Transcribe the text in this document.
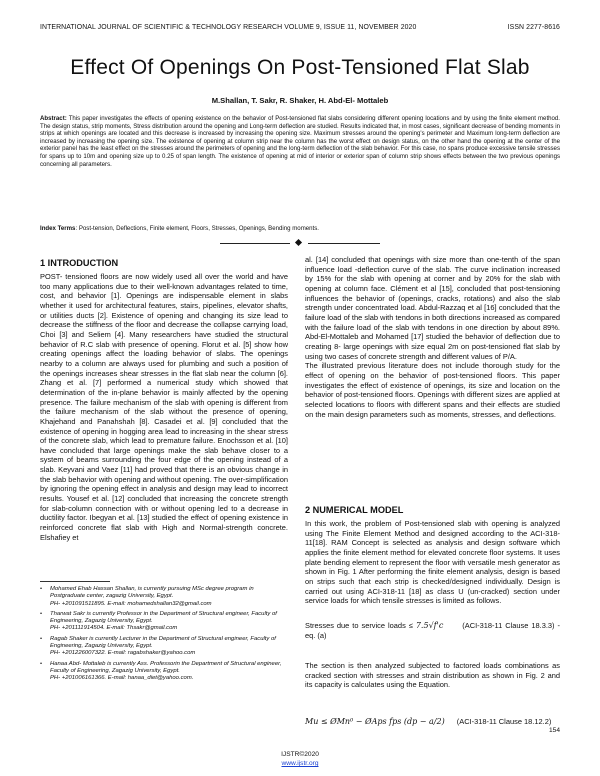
INTERNATIONAL JOURNAL OF SCIENTIFIC & TECHNOLOGY RESEARCH VOLUME 9, ISSUE 11, NOVEMBER 2020	ISSN 2277-8616
Effect Of Openings On Post-Tensioned Flat Slab
M.Shallan, T. Sakr, R. Shaker, H. Abd-El- Mottaleb
Abstract: This paper investigates the effects of opening existence on the behavior of Post-tensioned flat slabs considering different opening locations and by using the finite element method. The design status, strip moments, Stress distribution around the opening and Long-term deflection are studied. Results indicated that, in most cases, significant decrease of bending moments in strips at which openings are located and this decrease is increased by increasing the opening size. Maximum stresses around the opening's perimeter and Maximum long-term deflection are increased by increasing the opening size. The existence of opening at column strip near the column has the worst effect on design status, on the other hand the opening at the center of the exterior panel has the least effect on the stresses around the perimeters of opening and the long-term deflection of the slab behavior. For this case, no spans produce excessive tensile stresses for spans up to 10m and opening size up to 0.25 of span length. The existence of opening at mid of interior or exterior span of column strip shows effects between the two previous openings concerning all parameters.
Index Terms: Post-tension, Deflections, Finite element, Floors, Stresses, Openings, Bending moments.
1 INTRODUCTION

POST- tensioned floors are now widely used all over the world and have too many applications due to their well-known advantages related to time, cost, and behavior [1]. Openings are indispensable element in slabs whether it used for architectural features, stairs, pipelines, elevator shafts, or utilities ducts [2]. Existence of opening and changing its size lead to decrease the stiffness of the floor and decrease the collapse carrying load, Choi [3] and Seliem [4]. Many researchers have studied the structural behavior of R.C slab with presence of opening. Florut et al. [5] show how creating openings affect the loading behavior of slabs. The openings nearby to a column are always used for plumbing and such a position of the openings increases shear stresses in the flat slab near the column [6]. Zhang et al. [7] performed a numerical study which showed that determination of the in-plane behavior is mainly affected by the opening presence. The failure mechanism of the slab with opening is different from the failure mechanism of the slab without the presence of opening, Khajehand and Panahshah [8]. Casadei et al. [9] concluded that the existence of opening in hogging area lead to increasing in the shear stress of the concrete slab, which lead to premature failure. Enochsson et al. [10] have concluded that large openings make the slab behave closer to a system of beams surrounding the four edge of the opening instead of a slab. Keyvani and Vaez [11] had proved that there is an obvious change in the slab behavior with opening and without opening. The over-simplification by ignoring the opening effect in analysis and design may lead to incorrect results. Yousef et al. [12] concluded that increasing the concrete strength for slab-column connection with or without opening led to a decrease in ductility factor. Ibegyan et al. [13] studied the effect of opening existence in reinforced concrete flat slab with High and Normal-strength concrete. Elshafiey et

• Mohamed Ehab Hassan Shallan, is currently pursuing MSc degree program in Postgraduate center, zagazig University, Egypt.
PH- +201091511895. E-mail: mohamedshallan32@gmail.com
• Tharwat Sakr is currently Professor in the Department of Structural engineer, Faculty of Engineering, Zagazig University, Egypt.
PH- +201111914504. E-mail: Thsakr@gmail.com
• Ragab Shaker is currently Lecturer in the Department of Structural engineer, Faculty of Engineering, Zagazig University, Egypt.
PH- +201226007322. E-mail: ragabshaker@yahoo.com
• Hanaa Abd- Mottaleb is currently Ass. Professorin the Department of Structural engineer, Faculty of Engineering, Zagazig University, Egypt.
PH- +201006161366. E-mail: hanaa_diet@yahoo.com.

al. [14] concluded that openings with size more than one-tenth of the span influence load -deflection curve of the slab. The curve inclination increased by 15% for the slab with opening at corner and by 20% for the slab with opening at column face. Clément et al [15], concluded that post-tensioning influences the behavior of (openings, cracks, rotations) and also the slab strength under concentrated load. Abdul-Razzaq et al [16] concluded that the failure load of the slab with tendons in both directions increased as compared with the failure load of the slab with tendons in one direction by about 89%. Abd-El-Mottaleb and Mohamed [17] studied the behavior of deflection due to creating 8- large openings with size equal 2m on post-tensioned flat slab by using two cases of concrete strength and different values of P/A.

The illustrated previous literature does not include thorough study for the effect of opening on the behavior of post-tensioned floors. This paper investigates the effect of existence of openings, its size and location on the behavior of post-tensioned floors. Openings with different sizes are applied at selected locations to floors with different spans and their effects are studied on the main design parameters such as moments, stresses, and deflections.

2 NUMERICAL MODEL

In this work, the problem of Post-tensioned slab with opening is analyzed using The Finite Element Method and designed according to the ACI-318-11[18]. RAM Concept is selected as analysis and design software which applies the finite element method for elevated concrete floor systems. It uses plate bending element to represent the floor with versatile mesh generator as shown in Fig. 1 After performing the finite element analysis, design is based on strips such that each strip is checked/designed individually. Design is carried out using ACI-318-11 [18] as class U (un-cracked) section under service loads for which tensile stresses is limited as follows.

Stresses due to service loads ≤ 7.5√f'c	(ACI-318-11 Clause 18.3.3) -eq. (a)

The section is then analyzed subjected to factored loads combinations as cracked section with stresses and strain distribution as shown in Fig. 2 and its capacity is calculates using the Equation.

Mu ≤ ØMn⁰ − ØAps fps (dp − a/2) (ACI-318-11 Clause 18.12.2)
154
IJSTR©2020
www.ijstr.org
